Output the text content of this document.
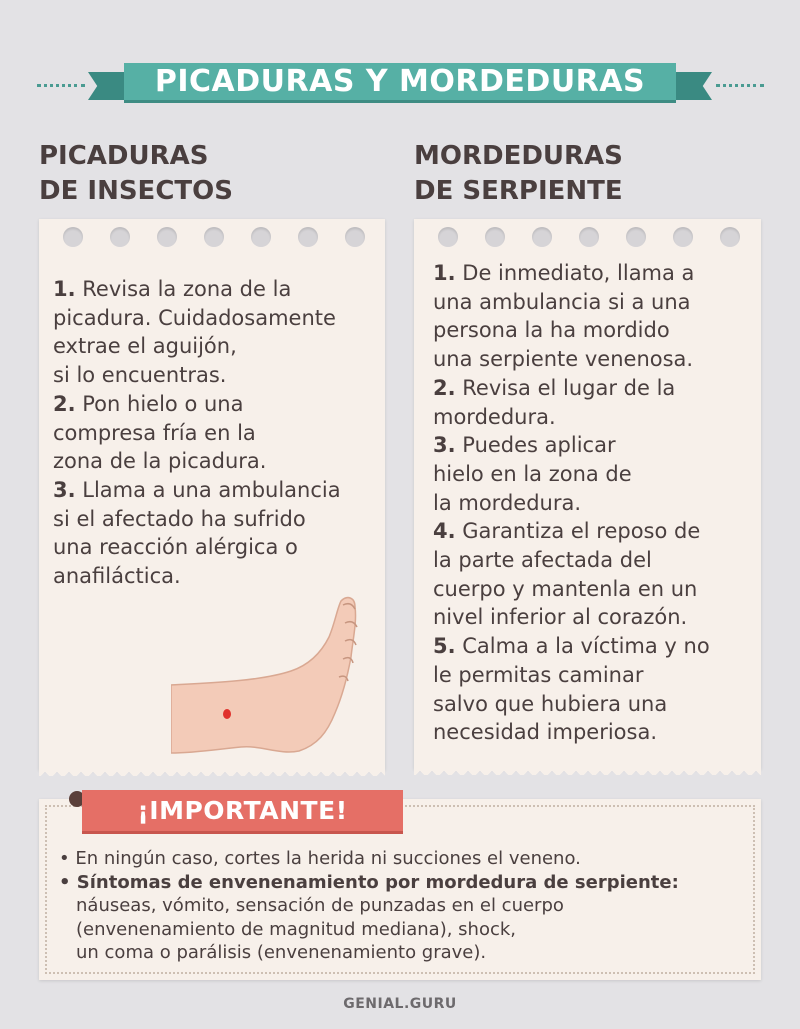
PICADURAS Y MORDEDURAS
PICADURAS
DE INSECTOS
MORDEDURAS
DE SERPIENTE
1. Revisa la zona de la
picadura. Cuidadosamente
extrae el aguijón,
si lo encuentras.
2. Pon hielo o una
compresa fría en la
zona de la picadura.
3. Llama a una ambulancia
si el afectado ha sufrido
una reacción alérgica o
anafiláctica.
1. De inmediato, llama a
una ambulancia si a una
persona la ha mordido
una serpiente venenosa.
2. Revisa el lugar de la
mordedura.
3. Puedes aplicar
hielo en la zona de
la mordedura.
4. Garantiza el reposo de
la parte afectada del
cuerpo y mantenla en un
nivel inferior al corazón.
5. Calma a la víctima y no
le permitas caminar
salvo que hubiera una
necesidad imperiosa.
¡IMPORTANTE!
• En ningún caso, cortes la herida ni succiones el veneno.
• Síntomas de envenenamiento por mordedura de serpiente:
náuseas, vómito, sensación de punzadas en el cuerpo
(envenenamiento de magnitud mediana), shock,
un coma o parálisis (envenenamiento grave).
GENIAL.GURU
